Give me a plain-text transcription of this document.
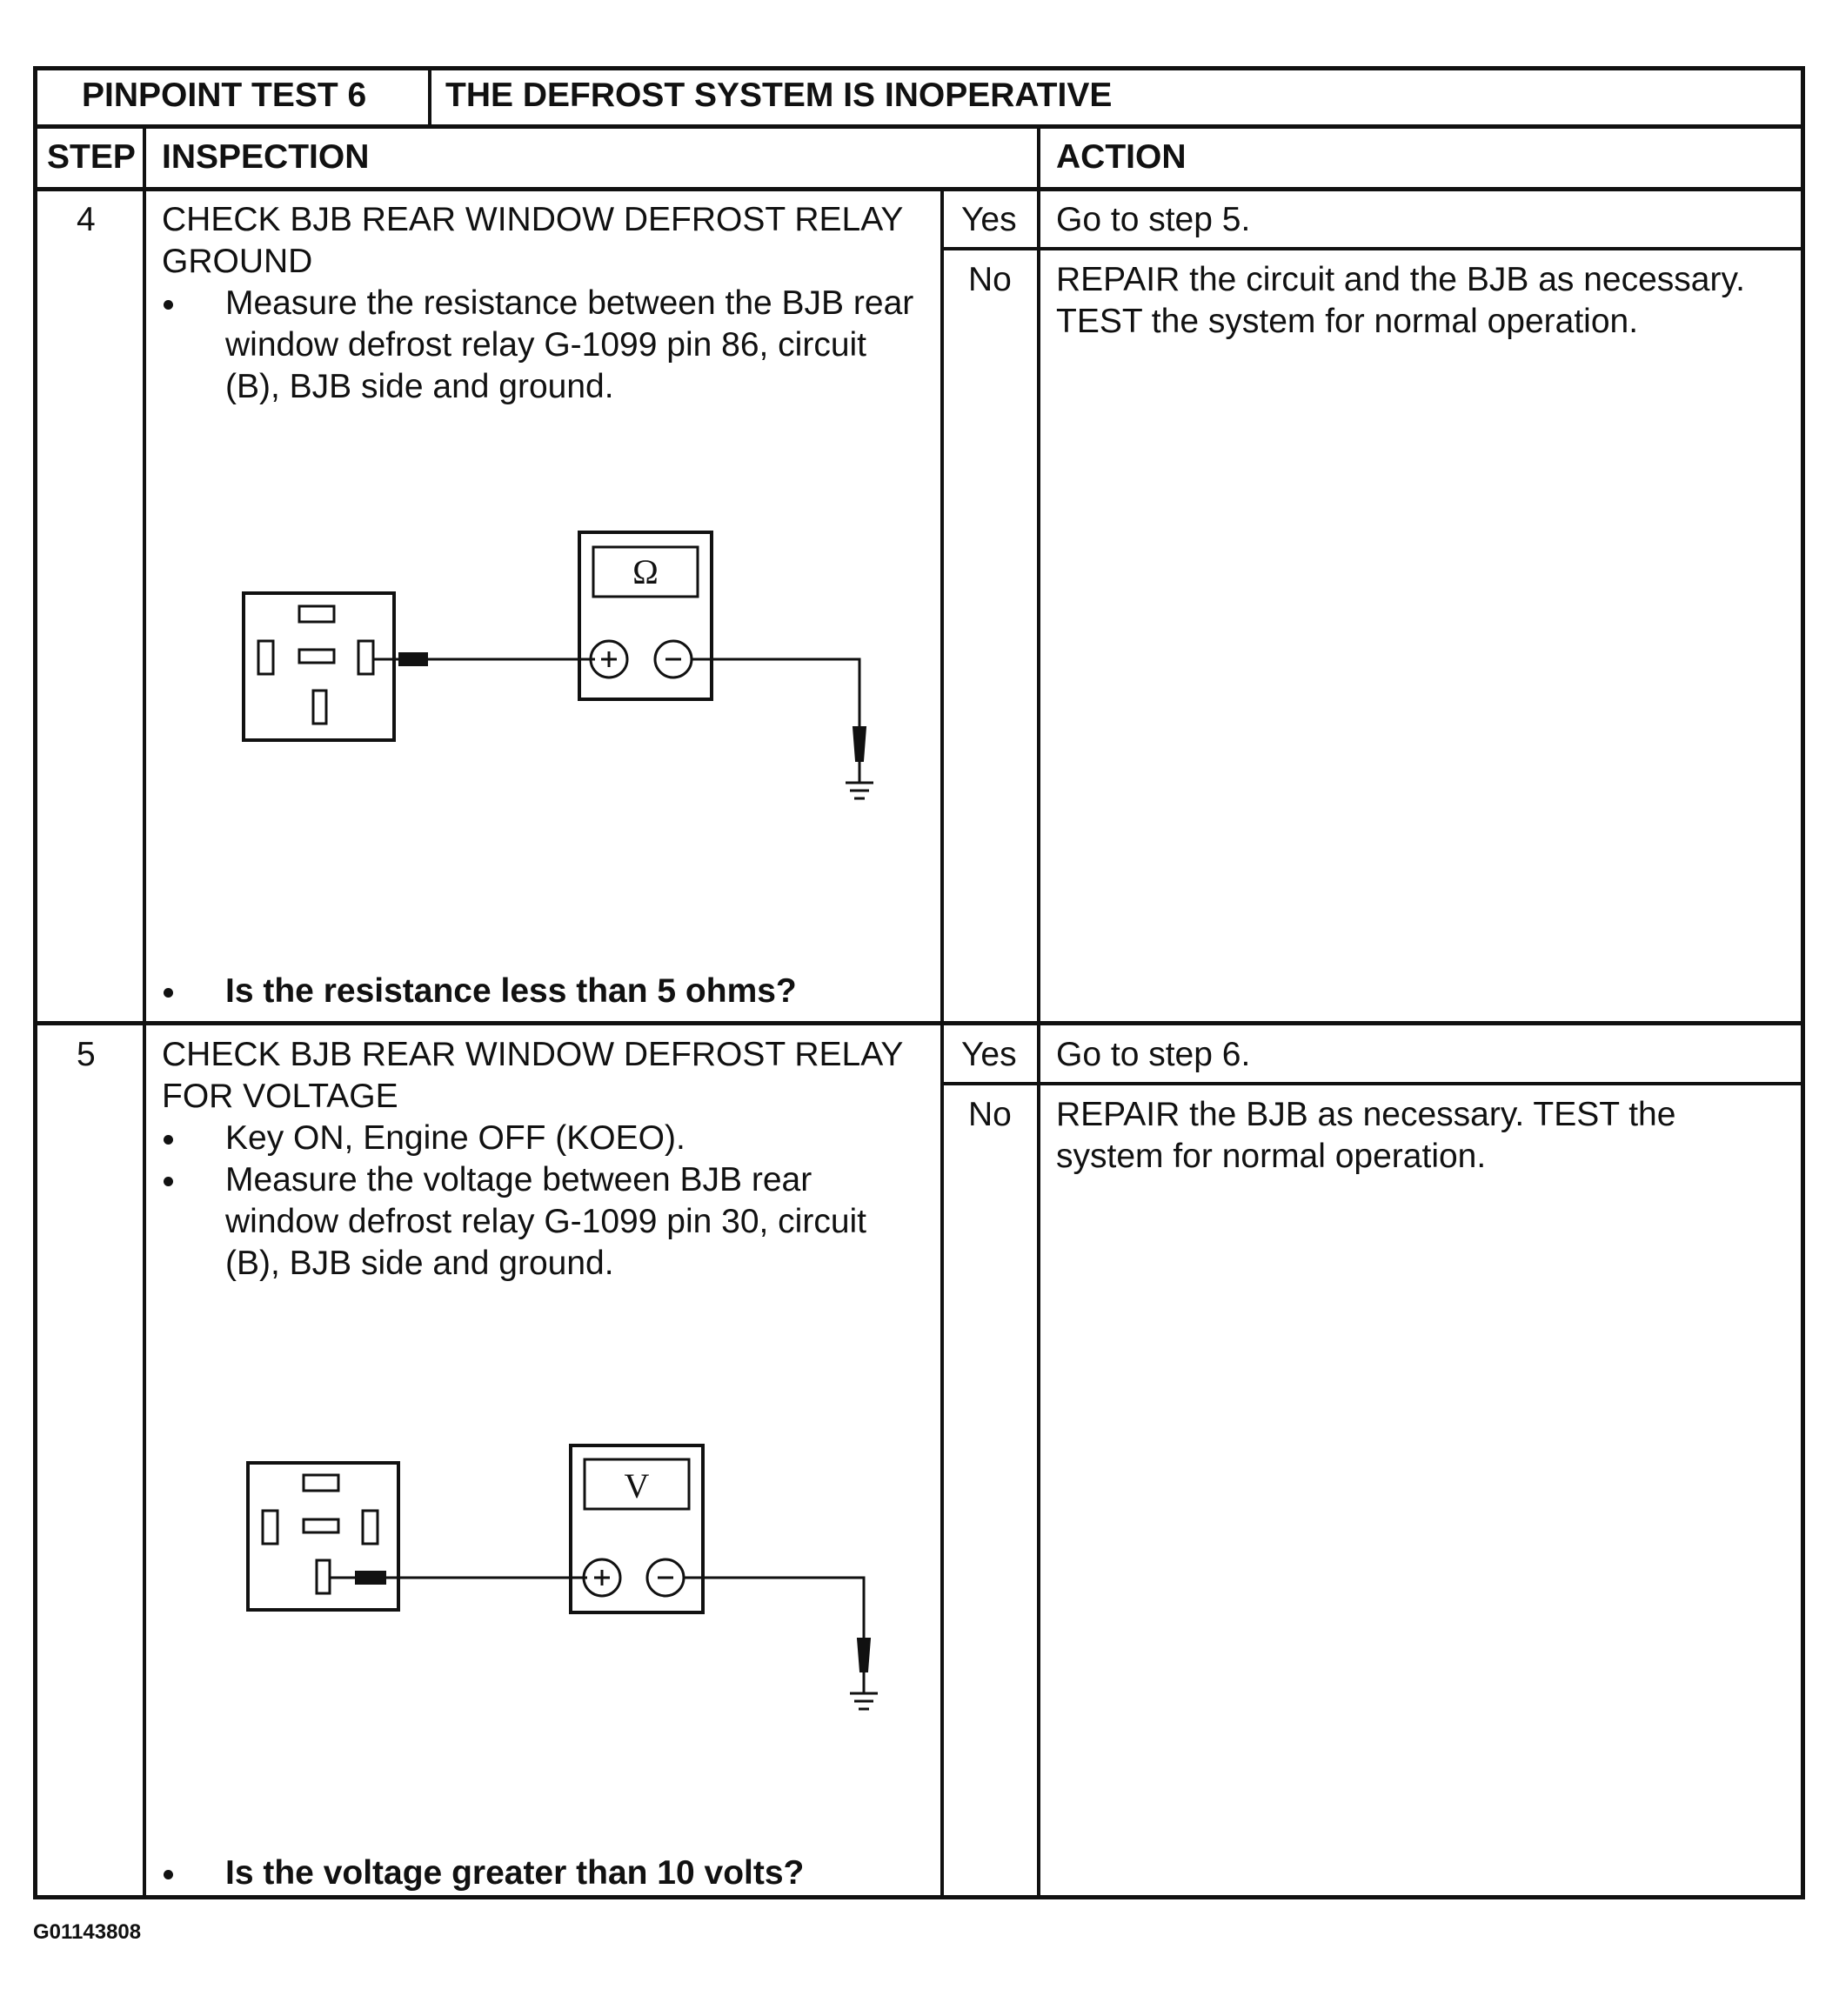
PINPOINT TEST 6 THE DEFROST SYSTEM IS INOPERATIVE
STEP INSPECTION	ACTION
4 CHECK BJB REAR WINDOW DEFROST RELAY
GROUND
Measure the resistance between the BJB rear
window defrost relay G-1099 pin 86, circuit
(B), BJB side and ground.
Ω
Is the resistance less than 5 ohms?
Yes Go to step 5.
No REPAIR the circuit and the BJB as necessary.
TEST the system for normal operation.
5 CHECK BJB REAR WINDOW DEFROST RELAY
FOR VOLTAGE
Key ON, Engine OFF (KOEO).
Measure the voltage between BJB rear
window defrost relay G-1099 pin 30, circuit
(B), BJB side and ground.
V
Is the voltage greater than 10 volts?
Yes Go to step 6.
No REPAIR the BJB as necessary. TEST the
system for normal operation.
G01143808
